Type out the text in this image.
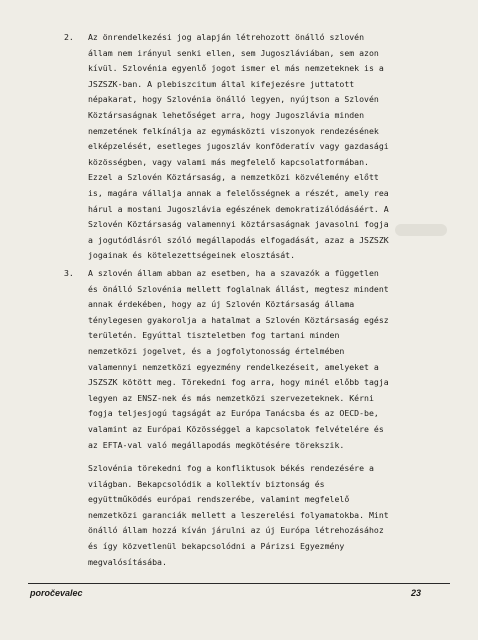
2. Az önrendelkezési jog alapján létrehozott önálló szlovén
állam nem irányul senki ellen, sem Jugoszláviában, sem azon
kívül. Szlovénia egyenlő jogot ismer el más nemzeteknek is a
JSZSZK-ban. A plebiszcitum által kifejezésre juttatott
népakarat, hogy Szlovénia önálló legyen, nyújtson a Szlovén
Köztársaságnak lehetőséget arra, hogy Jugoszlávia minden
nemzetének felkínálja az egymásközti viszonyok rendezésének
elképzelését, esetleges jugoszláv konföderatív vagy gazdasági
közösségben, vagy valami más megfelelő kapcsolatformában.
Ezzel a Szlovén Köztársaság, a nemzetközi közvélemény előtt
is, magára vállalja annak a felelősségnek a részét, amely rea
hárul a mostani Jugoszlávia egészének demokratizálódásáért. A
Szlovén Köztársaság valamennyi köztársaságnak javasolni fogja
a jogutódlásról szóló megállapodás elfogadását, azaz a JSZSZK
jogainak és kötelezettségeinek elosztását.
3. A szlovén állam abban az esetben, ha a szavazók a független
és önálló Szlovénia mellett foglalnak állást, megtesz mindent
annak érdekében, hogy az új Szlovén Köztársaság állama
ténylegesen gyakorolja a hatalmat a Szlovén Köztársaság egész
területén. Egyúttal tiszteletben fog tartani minden
nemzetközi jogelvet, és a jogfolytonosság értelmében
valamennyi nemzetközi egyezmény rendelkezéseit, amelyeket a
JSZSZK kötött meg. Törekedni fog arra, hogy minél előbb tagja
legyen az ENSZ-nek és más nemzetközi szervezeteknek. Kérni
fogja teljesjogú tagságát az Európa Tanácsba és az OECD-be,
valamint az Európai Közösséggel a kapcsolatok felvételére és
az EFTA-val való megállapodás megkötésére törekszik.
Szlovénia törekedni fog a konfliktusok békés rendezésére a
világban. Bekapcsolódik a kollektív biztonság és
együttműködés európai rendszerébe, valamint megfelelő
nemzetközi garanciák mellett a leszerelési folyamatokba. Mint
önálló állam hozzá kíván járulni az új Európa létrehozásához
és így közvetlenül bekapcsolódni a Párizsi Egyezmény
megvalósításába.
poročevalec	23
